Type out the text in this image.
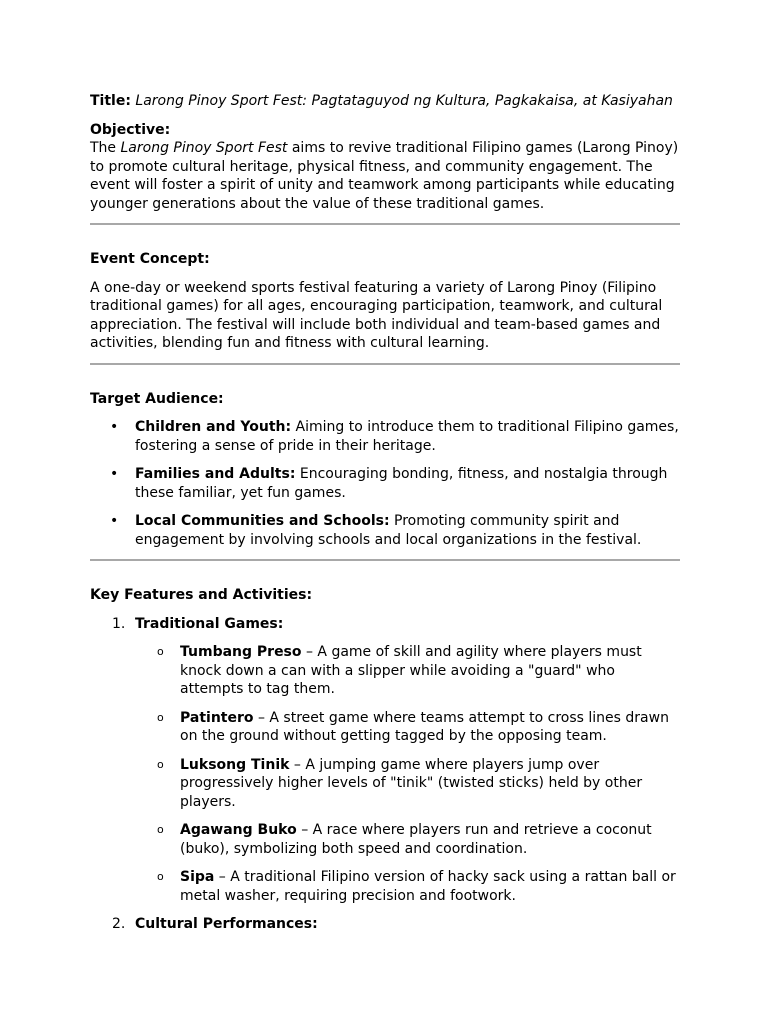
Title: Larong Pinoy Sport Fest: Pagtataguyod ng Kultura, Pagkakaisa, at Kasiyahan

Objective:

The Larong Pinoy Sport Fest aims to revive traditional Filipino games (Larong Pinoy) to promote cultural heritage, physical fitness, and community engagement. The event will foster a spirit of unity and teamwork among participants while educating younger generations about the value of these traditional games.

Event Concept:

A one-day or weekend sports festival featuring a variety of Larong Pinoy (Filipino traditional games) for all ages, encouraging participation, teamwork, and cultural appreciation. The festival will include both individual and team-based games and activities, blending fun and fitness with cultural learning.

Target Audience:

• Children and Youth: Aiming to introduce them to traditional Filipino games, fostering a sense of pride in their heritage.
• Families and Adults: Encouraging bonding, fitness, and nostalgia through these familiar, yet fun games.
• Local Communities and Schools: Promoting community spirit and engagement by involving schools and local organizations in the festival.

Key Features and Activities:

1. Traditional Games:
o Tumbang Preso – A game of skill and agility where players must knock down a can with a slipper while avoiding a "guard" who attempts to tag them.
o Patintero – A street game where teams attempt to cross lines drawn on the ground without getting tagged by the opposing team.
o Luksong Tinik – A jumping game where players jump over progressively higher levels of "tinik" (twisted sticks) held by other players.
o Agawang Buko – A race where players run and retrieve a coconut (buko), symbolizing both speed and coordination.
o Sipa – A traditional Filipino version of hacky sack using a rattan ball or metal washer, requiring precision and footwork.
2. Cultural Performances:
